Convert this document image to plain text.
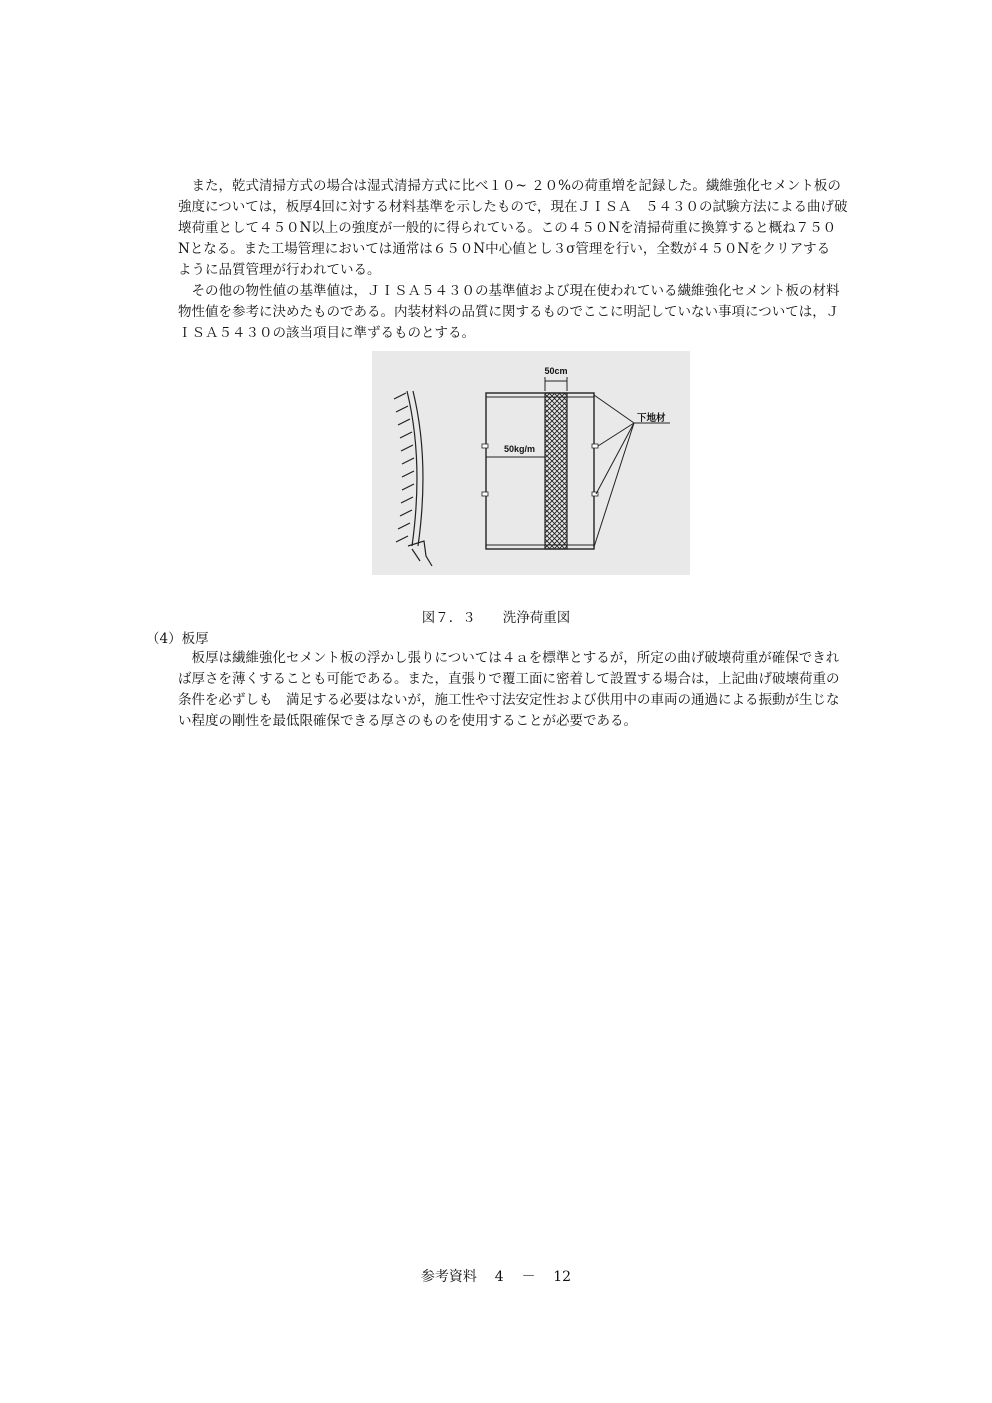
　また，乾式清掃方式の場合は湿式清掃方式に比べ１０~ ２０%の荷重増を記録した。繊維強化セメント板の
強度については，板厚4回に対する材料基準を示したもので，現在ＪＩＳＡ　５４３０の試験方法による曲げ破
壊荷重として４５０N以上の強度が一般的に得られている。この４５０Nを清掃荷重に換算すると概ね７５０
Nとなる。また工場管理においては通常は６５０N中心値とし３σ管理を行い，全数が４５０Nをクリアする
ように品質管理が行われている。

　その他の物性値の基準値は，ＪＩＳＡ５４３０の基準値および現在使われている繊維強化セメント板の材料
物性値を参考に決めたものである。内装材料の品質に関するものでここに明記していない事項については，Ｊ
ＩＳＡ５４３０の該当項目に準ずるものとする。

50cm
50kg/m
下地材
図７．３　　洗浄荷重図

（4）板厚

　板厚は繊維強化セメント板の浮かし張りについては４ａを標準とするが，所定の曲げ破壊荷重が確保できれ
ば厚さを薄くすることも可能である。また，直張りで覆工面に密着して設置する場合は，上記曲げ破壊荷重の
条件を必ずしも　満足する必要はないが，施工性や寸法安定性および供用中の車両の通過による振動が生じな
い程度の剛性を最低限確保できる厚さのものを使用することが必要である。

参考資料 4 － 12
